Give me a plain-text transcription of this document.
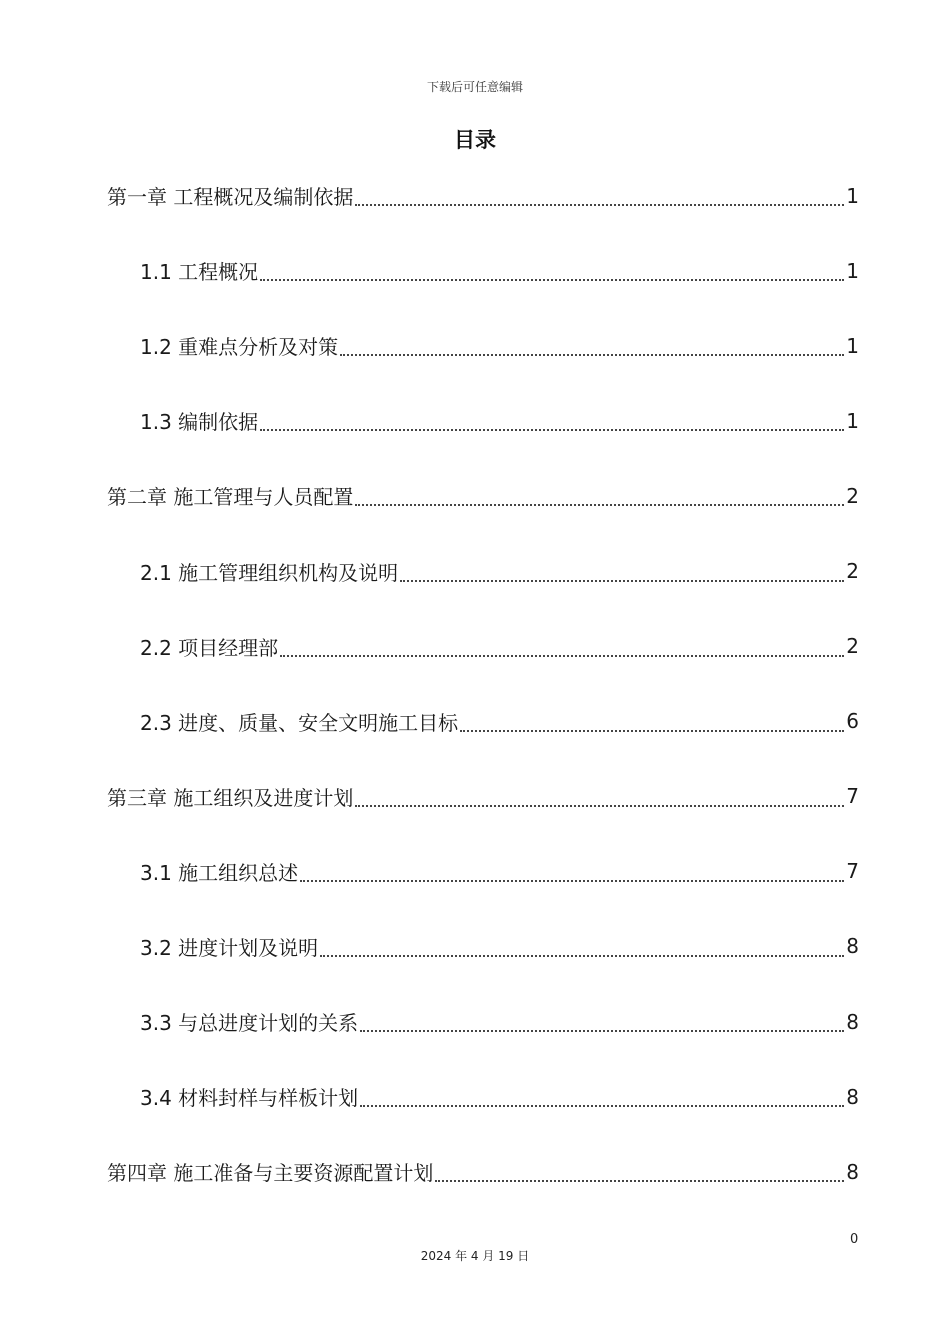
下载后可任意编辑
目录
第一章 工程概况及编制依据	1
1.1 工程概况	1
1.2 重难点分析及对策	1
1.3 编制依据	1
第二章 施工管理与人员配置	2
2.1 施工管理组织机构及说明	2
2.2 项目经理部	2
2.3 进度、质量、安全文明施工目标	6
第三章 施工组织及进度计划	7
3.1 施工组织总述	7
3.2 进度计划及说明	8
3.3 与总进度计划的关系	8
3.4 材料封样与样板计划	8
第四章 施工准备与主要资源配置计划	8
0
2024 年 4 月 19 日
